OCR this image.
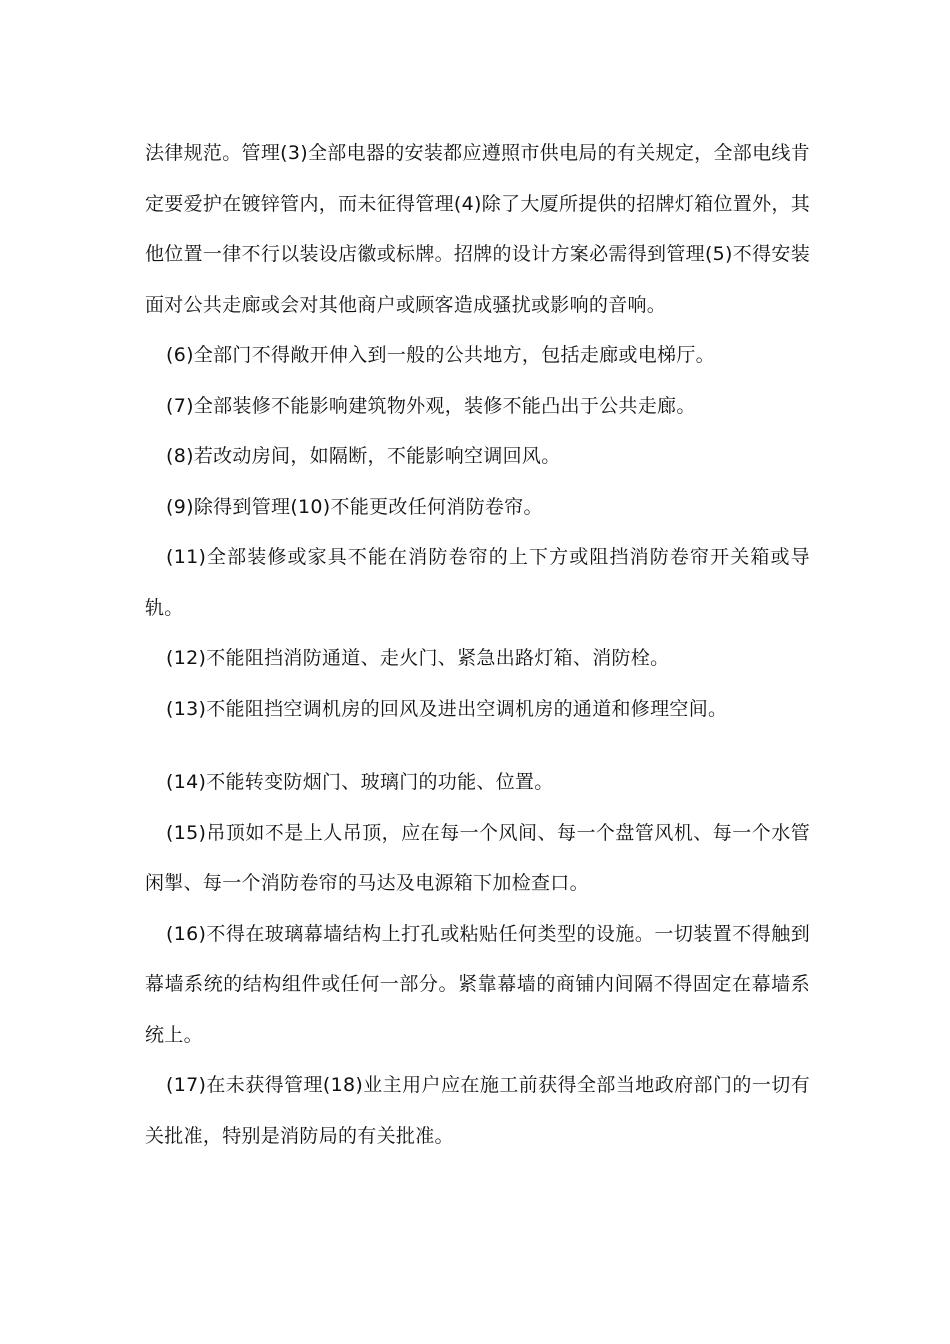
法律规范。管理(3)全部电器的安装都应遵照市供电局的有关规定，全部电线肯定要爱护在镀锌管内，而未征得管理(4)除了大厦所提供的招牌灯箱位置外，其他位置一律不行以装设店徽或标牌。招牌的设计方案必需得到管理(5)不得安装面对公共走廊或会对其他商户或顾客造成骚扰或影响的音响。

(6)全部门不得敞开伸入到一般的公共地方，包括走廊或电梯厅。

(7)全部装修不能影响建筑物外观，装修不能凸出于公共走廊。

(8)若改动房间，如隔断，不能影响空调回风。

(9)除得到管理(10)不能更改任何消防卷帘。

(11)全部装修或家具不能在消防卷帘的上下方或阻挡消防卷帘开关箱或导轨。

(12)不能阻挡消防通道、走火门、紧急出路灯箱、消防栓。

(13)不能阻挡空调机房的回风及进出空调机房的通道和修理空间。

(14)不能转变防烟门、玻璃门的功能、位置。

(15)吊顶如不是上人吊顶，应在每一个风间、每一个盘管风机、每一个水管闲掣、每一个消防卷帘的马达及电源箱下加检查口。

(16)不得在玻璃幕墙结构上打孔或粘贴任何类型的设施。一切装置不得触到幕墙系统的结构组件或任何一部分。紧靠幕墙的商铺内间隔不得固定在幕墙系统上。

(17)在未获得管理(18)业主用户应在施工前获得全部当地政府部门的一切有关批准，特别是消防局的有关批准。
